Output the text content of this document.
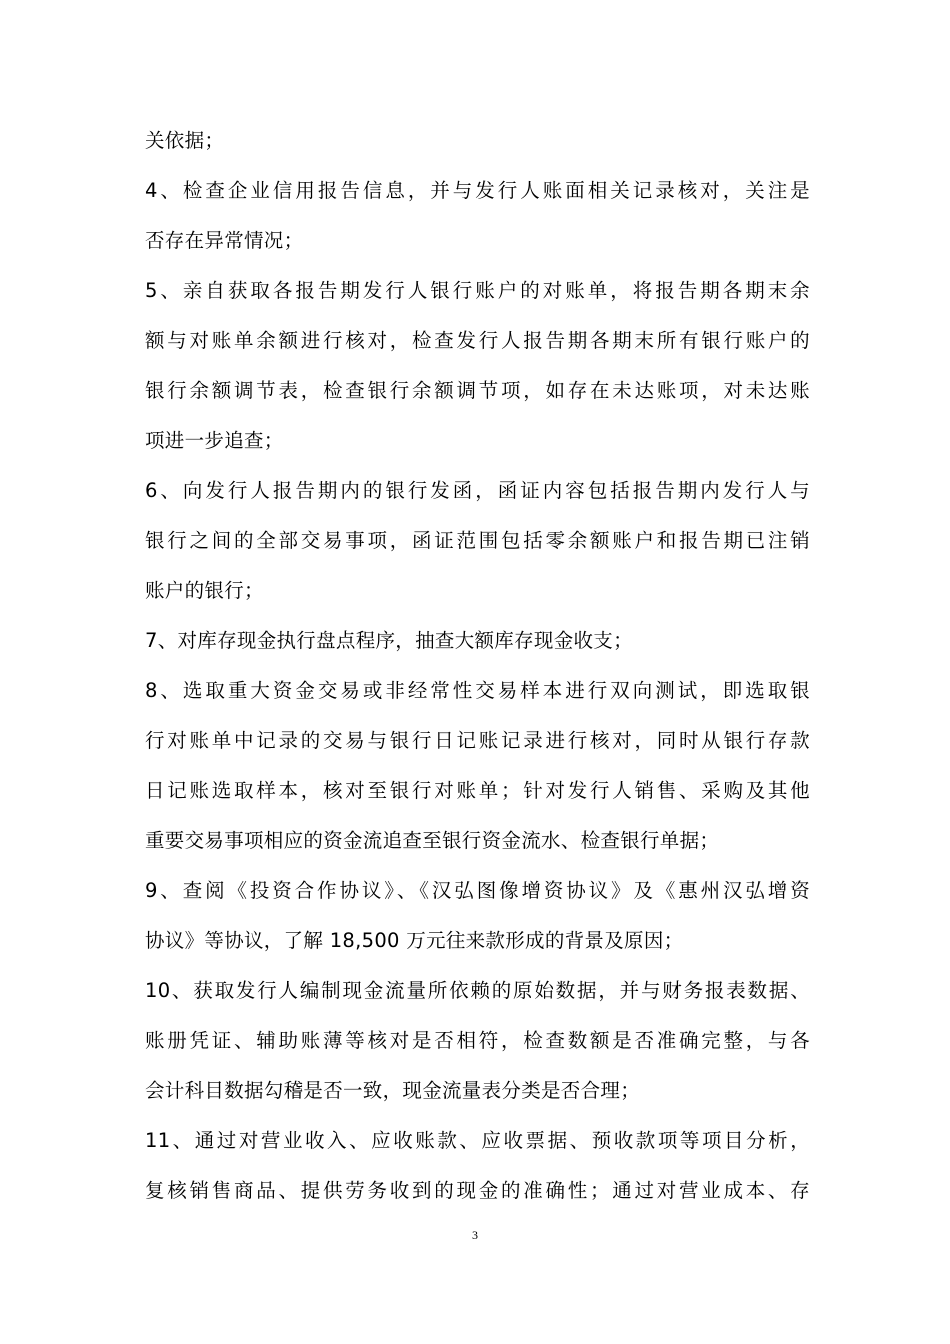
关依据；
4、检查企业信用报告信息，并与发行人账面相关记录核对，关注是
否存在异常情况；
5、亲自获取各报告期发行人银行账户的对账单，将报告期各期末余
额与对账单余额进行核对，检查发行人报告期各期末所有银行账户的
银行余额调节表，检查银行余额调节项，如存在未达账项，对未达账
项进一步追查；
6、向发行人报告期内的银行发函，函证内容包括报告期内发行人与
银行之间的全部交易事项，函证范围包括零余额账户和报告期已注销
账户的银行；
7、对库存现金执行盘点程序，抽查大额库存现金收支；
8、选取重大资金交易或非经常性交易样本进行双向测试，即选取银
行对账单中记录的交易与银行日记账记录进行核对，同时从银行存款
日记账选取样本，核对至银行对账单；针对发行人销售、采购及其他
重要交易事项相应的资金流追查至银行资金流水、检查银行单据；
9、查阅《投资合作协议》、《汉弘图像增资协议》及《惠州汉弘增资
协议》等协议，了解 18,500 万元往来款形成的背景及原因；
10、获取发行人编制现金流量所依赖的原始数据，并与财务报表数据、
账册凭证、辅助账薄等核对是否相符，检查数额是否准确完整，与各
会计科目数据勾稽是否一致，现金流量表分类是否合理；
11、通过对营业收入、应收账款、应收票据、预收款项等项目分析，
复核销售商品、提供劳务收到的现金的准确性；通过对营业成本、存
3
